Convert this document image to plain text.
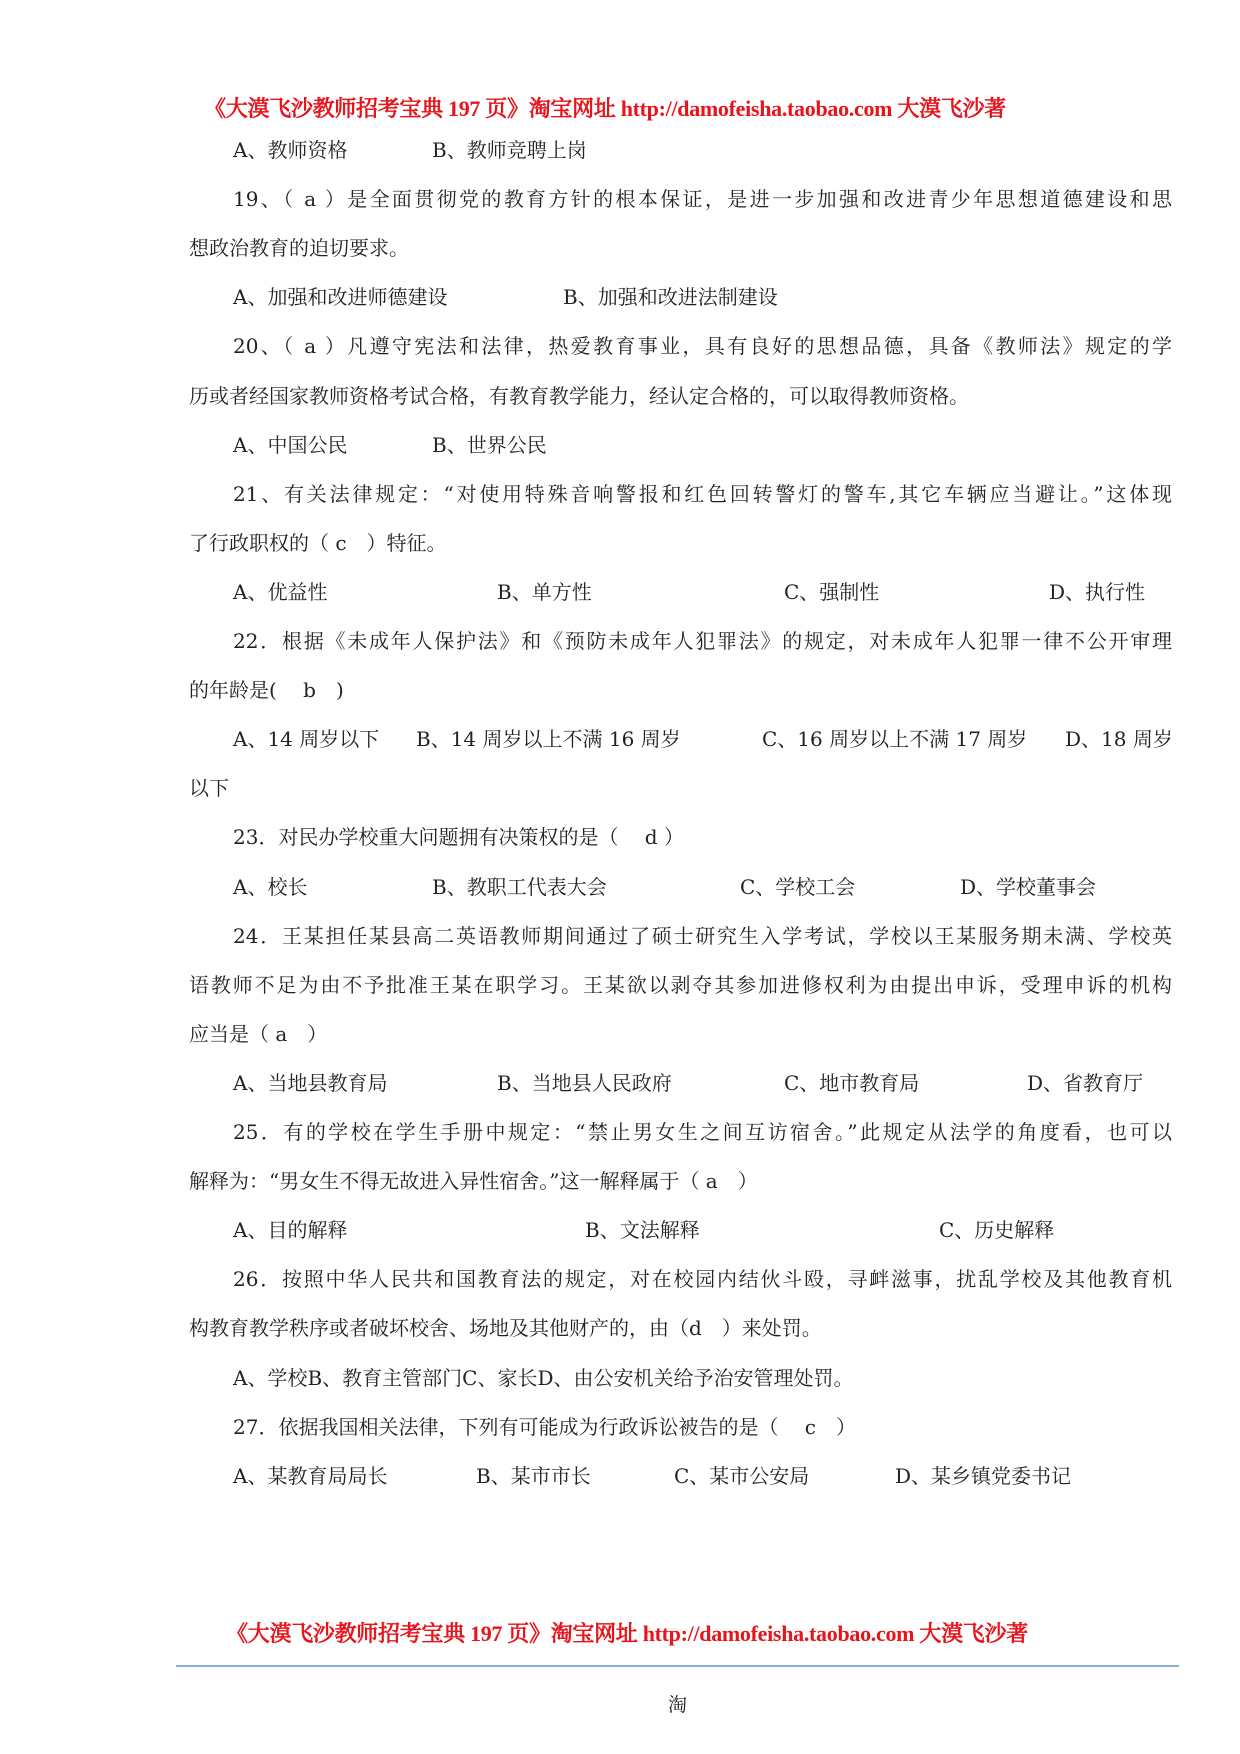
《大漠飞沙教师招考宝典 197 页》淘宝网址 http://damofeisha.taobao.com 大漠飞沙著
A、教师资格	B、教师竞聘上岗
19、（ a ）是全面贯彻党的教育方针的根本保证，是进一步加强和改进青少年思想道德建设和思
想政治教育的迫切要求。
A、加强和改进师德建设	B、加强和改进法制建设
20、（ a ）凡遵守宪法和法律，热爱教育事业，具有良好的思想品德，具备《教师法》规定的学
历或者经国家教师资格考试合格，有教育教学能力，经认定合格的，可以取得教师资格。
A、中国公民	B、世界公民
21、有关法律规定：“对使用特殊音响警报和红色回转警灯的警车,其它车辆应当避让。”这体现
了行政职权的（ c　）特征。
A、优益性	B、单方性	C、强制性	D、执行性
22．根据《未成年人保护法》和《预防未成年人犯罪法》的规定，对未成年人犯罪一律不公开审理
的年龄是(　 b　)
A、14 周岁以下 B、14 周岁以上不满 16 周岁	C、16 周岁以上不满 17 周岁 D、18 周岁
以下
23．对民办学校重大问题拥有决策权的是（　 d ）
A、校长	B、教职工代表大会	C、学校工会	D、学校董事会
24．王某担任某县高二英语教师期间通过了硕士研究生入学考试，学校以王某服务期未满、学校英
语教师不足为由不予批准王某在职学习。王某欲以剥夺其参加进修权利为由提出申诉，受理申诉的机构
应当是（ a　）
A、当地县教育局	B、当地县人民政府	C、地市教育局	D、省教育厅
25．有的学校在学生手册中规定：“禁止男女生之间互访宿舍。”此规定从法学的角度看，也可以
解释为：“男女生不得无故进入异性宿舍。”这一解释属于（ a　）
A、目的解释	B、文法解释	C、历史解释
26．按照中华人民共和国教育法的规定，对在校园内结伙斗殴，寻衅滋事，扰乱学校及其他教育机
构教育教学秩序或者破坏校舍、场地及其他财产的，由（d　）来处罚。
A、学校B、教育主管部门C、家长D、由公安机关给予治安管理处罚。
27．依据我国相关法律，下列有可能成为行政诉讼被告的是（　 c　）
A、某教育局局长	B、某市市长	C、某市公安局	D、某乡镇党委书记
《大漠飞沙教师招考宝典 197 页》淘宝网址 http://damofeisha.taobao.com 大漠飞沙著
淘
